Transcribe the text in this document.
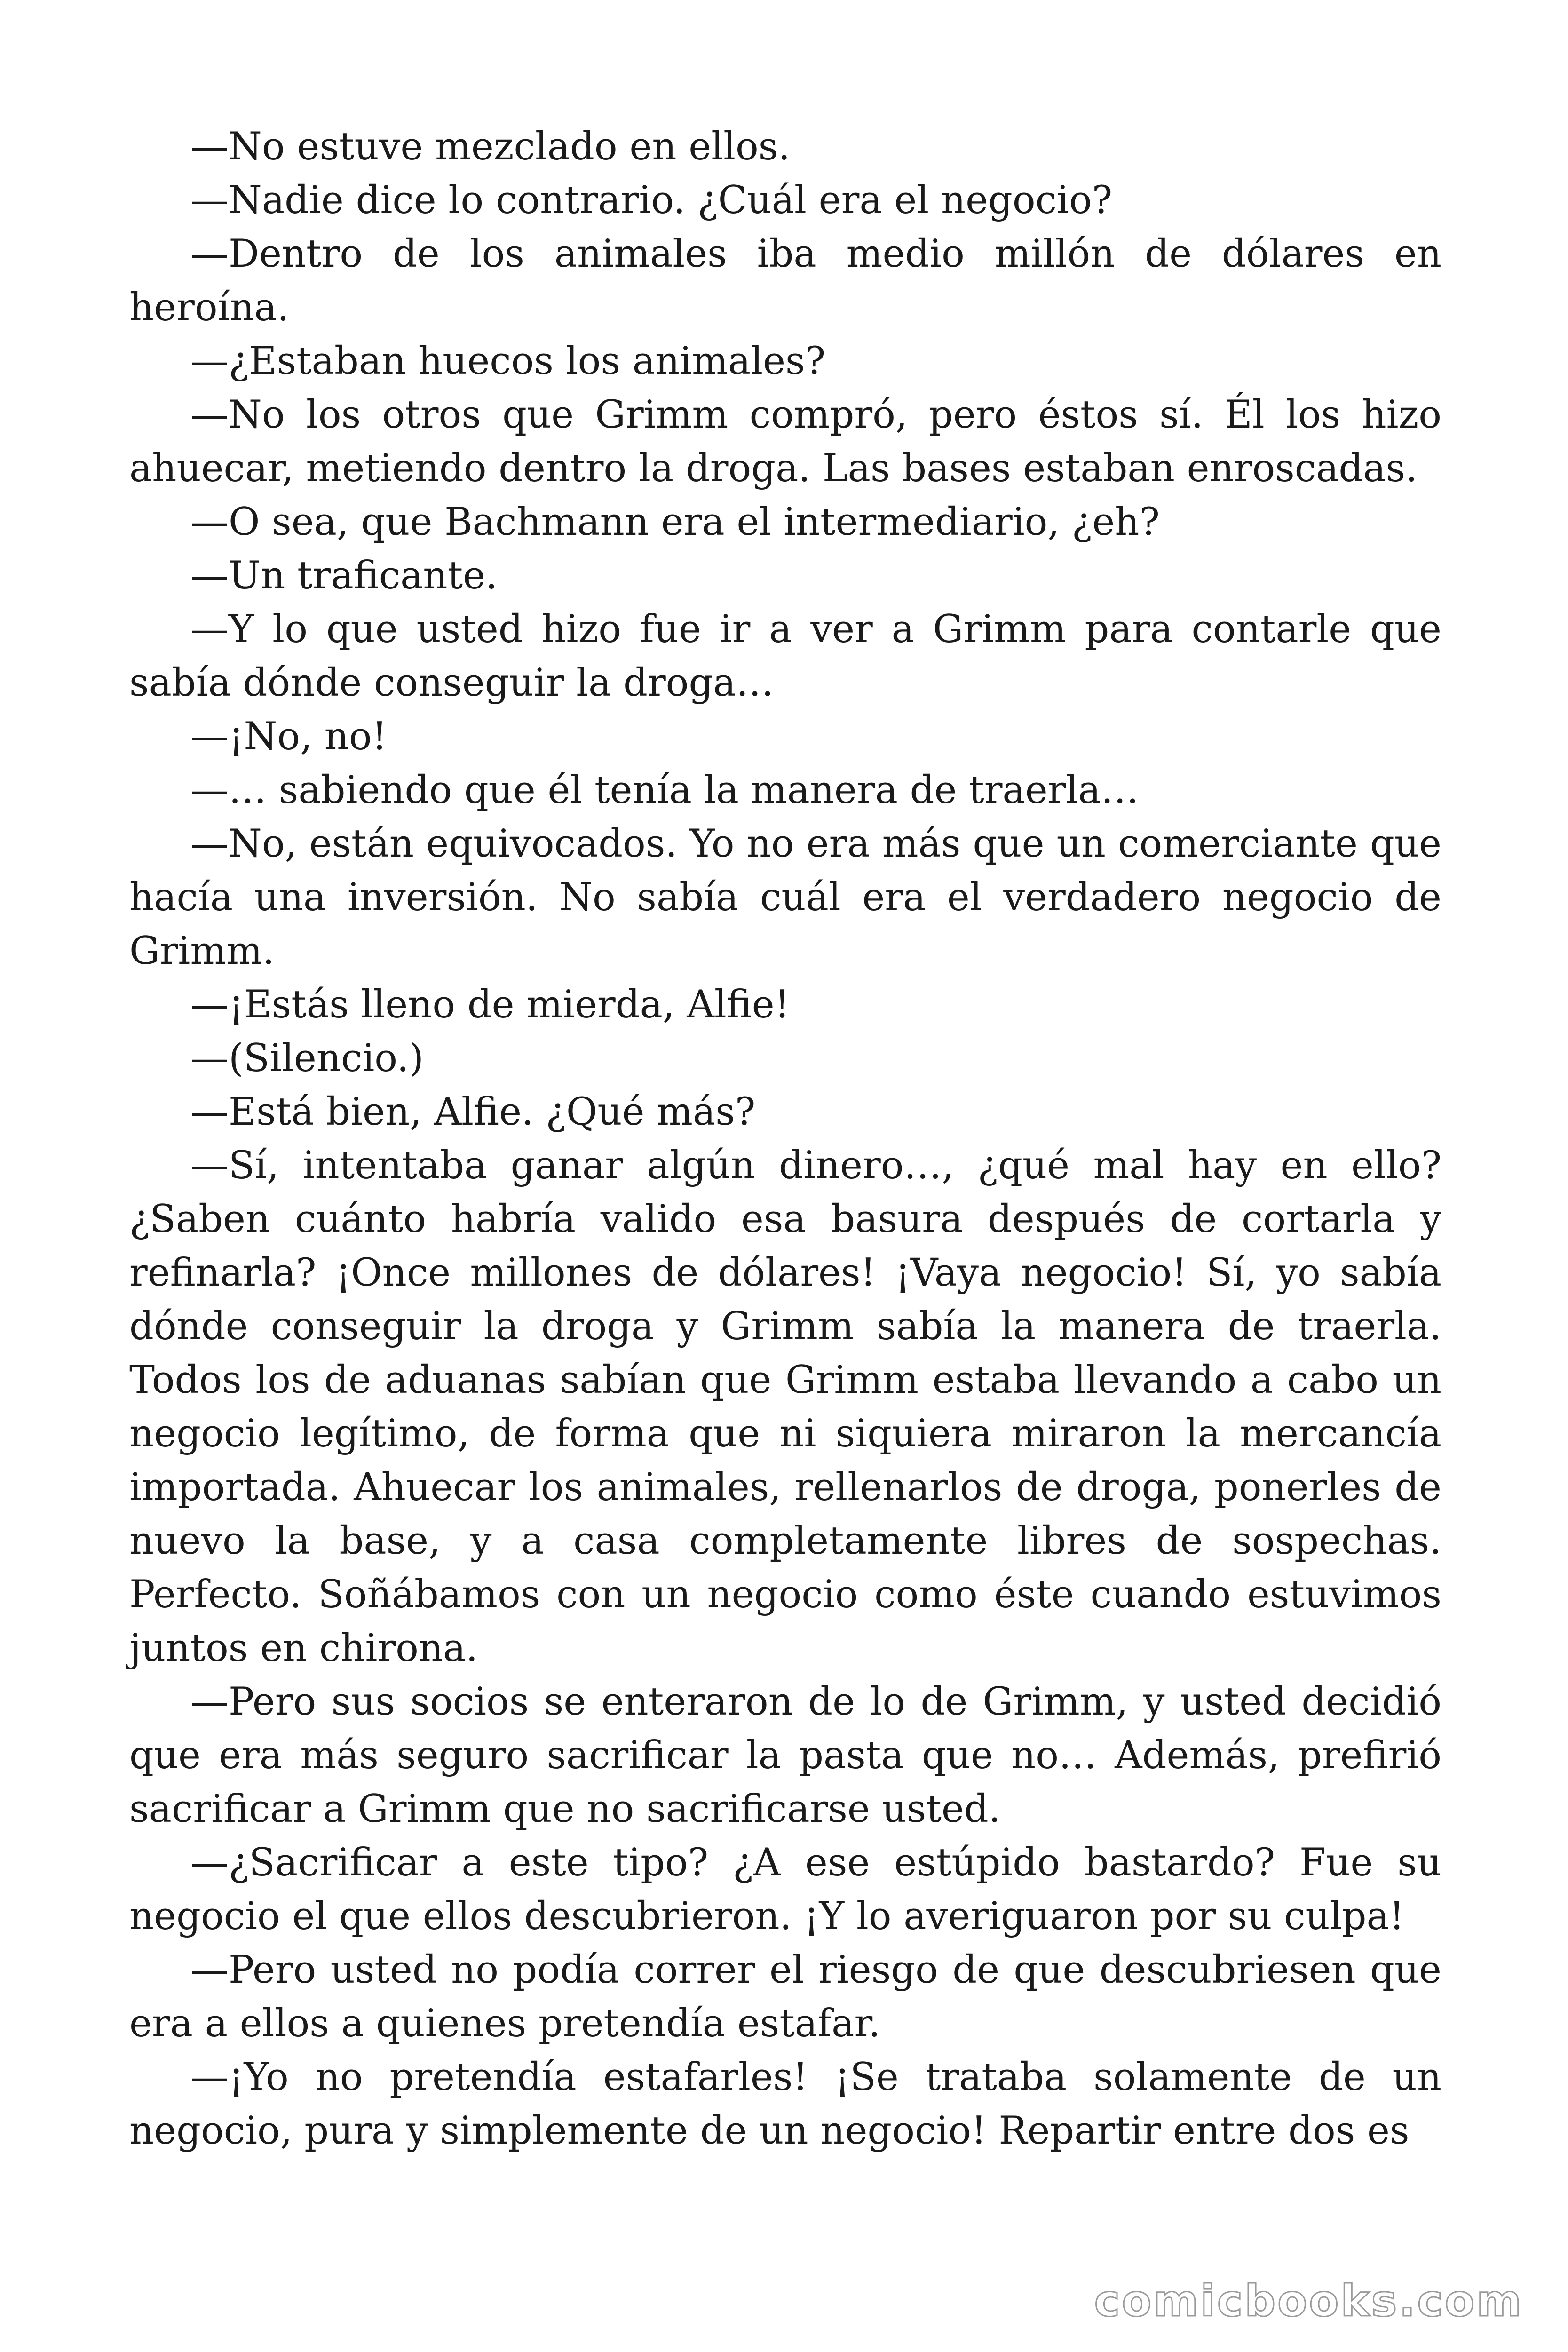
—No estuve mezclado en ellos.

—Nadie dice lo contrario. ¿Cuál era el negocio?

—Dentro de los animales iba medio millón de dólares en heroína.

—¿Estaban huecos los animales?

—No los otros que Grimm compró, pero éstos sí. Él los hizo ahuecar, metiendo dentro la droga. Las bases estaban enroscadas.

—O sea, que Bachmann era el intermediario, ¿eh?

—Un traficante.

—Y lo que usted hizo fue ir a ver a Grimm para contarle que sabía dónde conseguir la droga…

—¡No, no!

—… sabiendo que él tenía la manera de traerla…

—No, están equivocados. Yo no era más que un comerciante que hacía una inversión. No sabía cuál era el verdadero negocio de Grimm.

—¡Estás lleno de mierda, Alfie!

—(Silencio.)

—Está bien, Alfie. ¿Qué más?

—Sí, intentaba ganar algún dinero…, ¿qué mal hay en ello? ¿Saben cuánto habría valido esa basura después de cortarla y refinarla? ¡Once millones de dólares! ¡Vaya negocio! Sí, yo sabía dónde conseguir la droga y Grimm sabía la manera de traerla. Todos los de aduanas sabían que Grimm estaba llevando a cabo un negocio legítimo, de forma que ni siquiera miraron la mercancía importada. Ahuecar los animales, rellenarlos de droga, ponerles de nuevo la base, y a casa completamente libres de sospechas. Perfecto. Soñábamos con un negocio como éste cuando estuvimos juntos en chirona.

—Pero sus socios se enteraron de lo de Grimm, y usted decidió que era más seguro sacrificar la pasta que no… Además, prefirió sacrificar a Grimm que no sacrificarse usted.

—¿Sacrificar a este tipo? ¿A ese estúpido bastardo? Fue su negocio el que ellos descubrieron. ¡Y lo averiguaron por su culpa!

—Pero usted no podía correr el riesgo de que descubriesen que era a ellos a quienes pretendía estafar.

—¡Yo no pretendía estafarles! ¡Se trataba solamente de un negocio, pura y simplemente de un negocio! Repartir entre dos es

comicbooks.com
